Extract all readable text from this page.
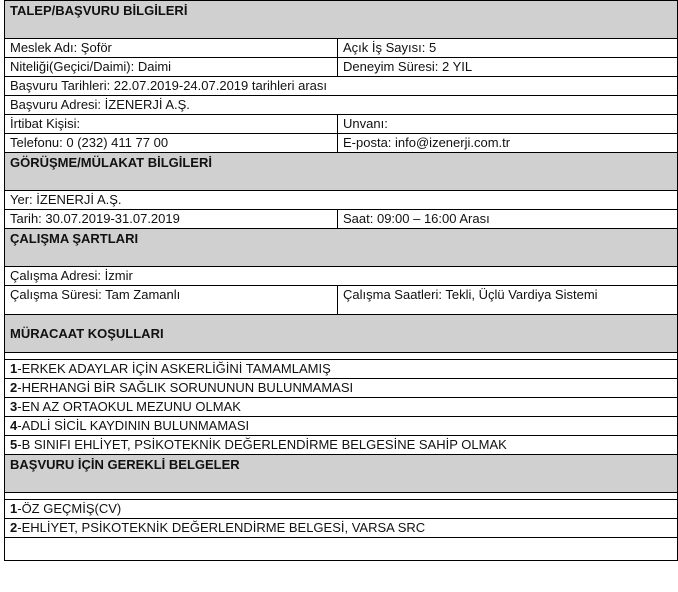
TALEP/BAŞVURU BİLGİLERİ	
Meslek Adı: Şoför	Açık İş Sayısı: 5
Niteliği(Geçici/Daimi): Daimi	Deneyim Süresi: 2 YIL
Başvuru Tarihleri: 22.07.2019-24.07.2019 tarihleri arası	
Başvuru Adresi: İZENERJİ A.Ş.	
İrtibat Kişisi:	Unvanı:
Telefonu: 0 (232) 411 77 00	E-posta: info@izenerji.com.tr
GÖRÜŞME/MÜLAKAT BİLGİLERİ	
Yer: İZENERJİ A.Ş.	
Tarih: 30.07.2019-31.07.2019	Saat: 09:00 – 16:00 Arası
ÇALIŞMA ŞARTLARI	
Çalışma Adresi: İzmir	
Çalışma Süresi: Tam Zamanlı	Çalışma Saatleri: Tekli, Üçlü Vardiya Sistemi
MÜRACAAT KOŞULLARI	

1-ERKEK ADAYLAR İÇİN ASKERLİĞİNİ TAMAMLAMIŞ	
2-HERHANGİ BİR SAĞLIK SORUNUNUN BULUNMAMASI	
3-EN AZ ORTAOKUL MEZUNU OLMAK	
4-ADLİ SİCİL KAYDININ BULUNMAMASI	
5-B SINIFI EHLİYET, PSİKOTEKNİK DEĞERLENDİRME BELGESİNE SAHİP OLMAK	
BAŞVURU İÇİN GEREKLİ BELGELER	

1-ÖZ GEÇMİŞ(CV)	
2-EHLİYET, PSİKOTEKNİK DEĞERLENDİRME BELGESİ, VARSA SRC	
